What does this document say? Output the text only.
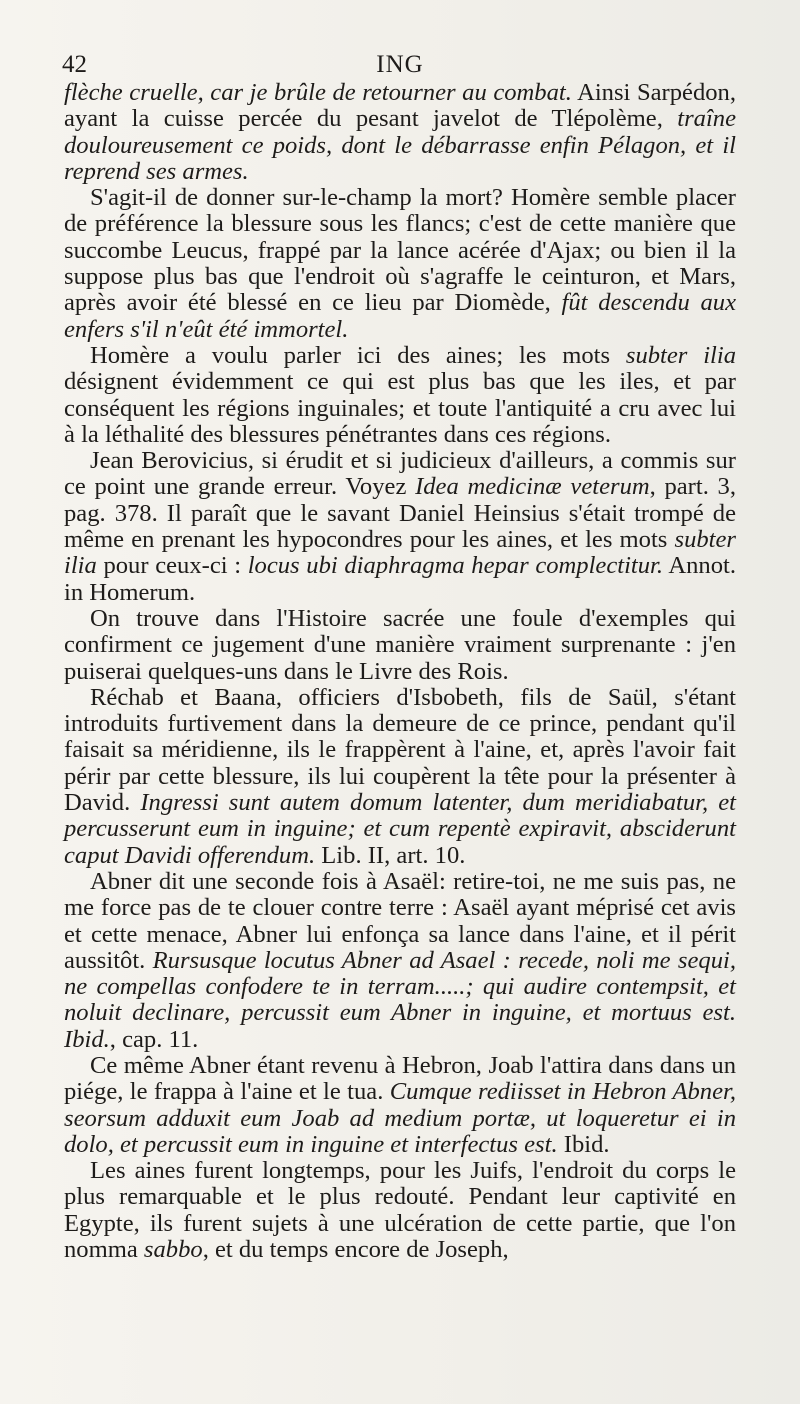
42	ING

flèche cruelle, car je brûle de retourner au combat. Ainsi Sarpédon, ayant la cuisse percée du pesant javelot de Tlépolème, traîne douloureusement ce poids, dont le débarrasse enfin Pélagon, et il reprend ses armes.

S'agit-il de donner sur-le-champ la mort? Homère semble placer de préférence la blessure sous les flancs; c'est de cette manière que succombe Leucus, frappé par la lance acérée d'Ajax; ou bien il la suppose plus bas que l'endroit où s'agraffe le ceinturon, et Mars, après avoir été blessé en ce lieu par Diomède, fût descendu aux enfers s'il n'eût été immortel.

Homère a voulu parler ici des aines; les mots subter ilia désignent évidemment ce qui est plus bas que les iles, et par conséquent les régions inguinales; et toute l'antiquité a cru avec lui à la léthalité des blessures pénétrantes dans ces régions.

Jean Berovicius, si érudit et si judicieux d'ailleurs, a commis sur ce point une grande erreur. Voyez Idea medicinæ veterum, part. 3, pag. 378. Il paraît que le savant Daniel Heinsius s'était trompé de même en prenant les hypocondres pour les aines, et les mots subter ilia pour ceux-ci : locus ubi diaphragma hepar complectitur. Annot. in Homerum.

On trouve dans l'Histoire sacrée une foule d'exemples qui confirment ce jugement d'une manière vraiment surprenante : j'en puiserai quelques-uns dans le Livre des Rois.

Réchab et Baana, officiers d'Isbobeth, fils de Saül, s'étant introduits furtivement dans la demeure de ce prince, pendant qu'il faisait sa méridienne, ils le frappèrent à l'aine, et, après l'avoir fait périr par cette blessure, ils lui coupèrent la tête pour la présenter à David. Ingressi sunt autem domum latenter, dum meridiabatur, et percusserunt eum in inguine; et cum repentè expiravit, absciderunt caput Davidi offerendum. Lib. II, art. 10.

Abner dit une seconde fois à Asaël: retire-toi, ne me suis pas, ne me force pas de te clouer contre terre : Asaël ayant méprisé cet avis et cette menace, Abner lui enfonça sa lance dans l'aine, et il périt aussitôt. Rursusque locutus Abner ad Asael : recede, noli me sequi, ne compellas confodere te in terram.....; qui audire contempsit, et noluit declinare, percussit eum Abner in inguine, et mortuus est. Ibid., cap. 11.

Ce même Abner étant revenu à Hebron, Joab l'attira dans dans un piége, le frappa à l'aine et le tua. Cumque rediisset in Hebron Abner, seorsum adduxit eum Joab ad medium portæ, ut loqueretur ei in dolo, et percussit eum in inguine et interfectus est. Ibid.

Les aines furent longtemps, pour les Juifs, l'endroit du corps le plus remarquable et le plus redouté. Pendant leur captivité en Egypte, ils furent sujets à une ulcération de cette partie, que l'on nomma sabbo, et du temps encore de Joseph,
